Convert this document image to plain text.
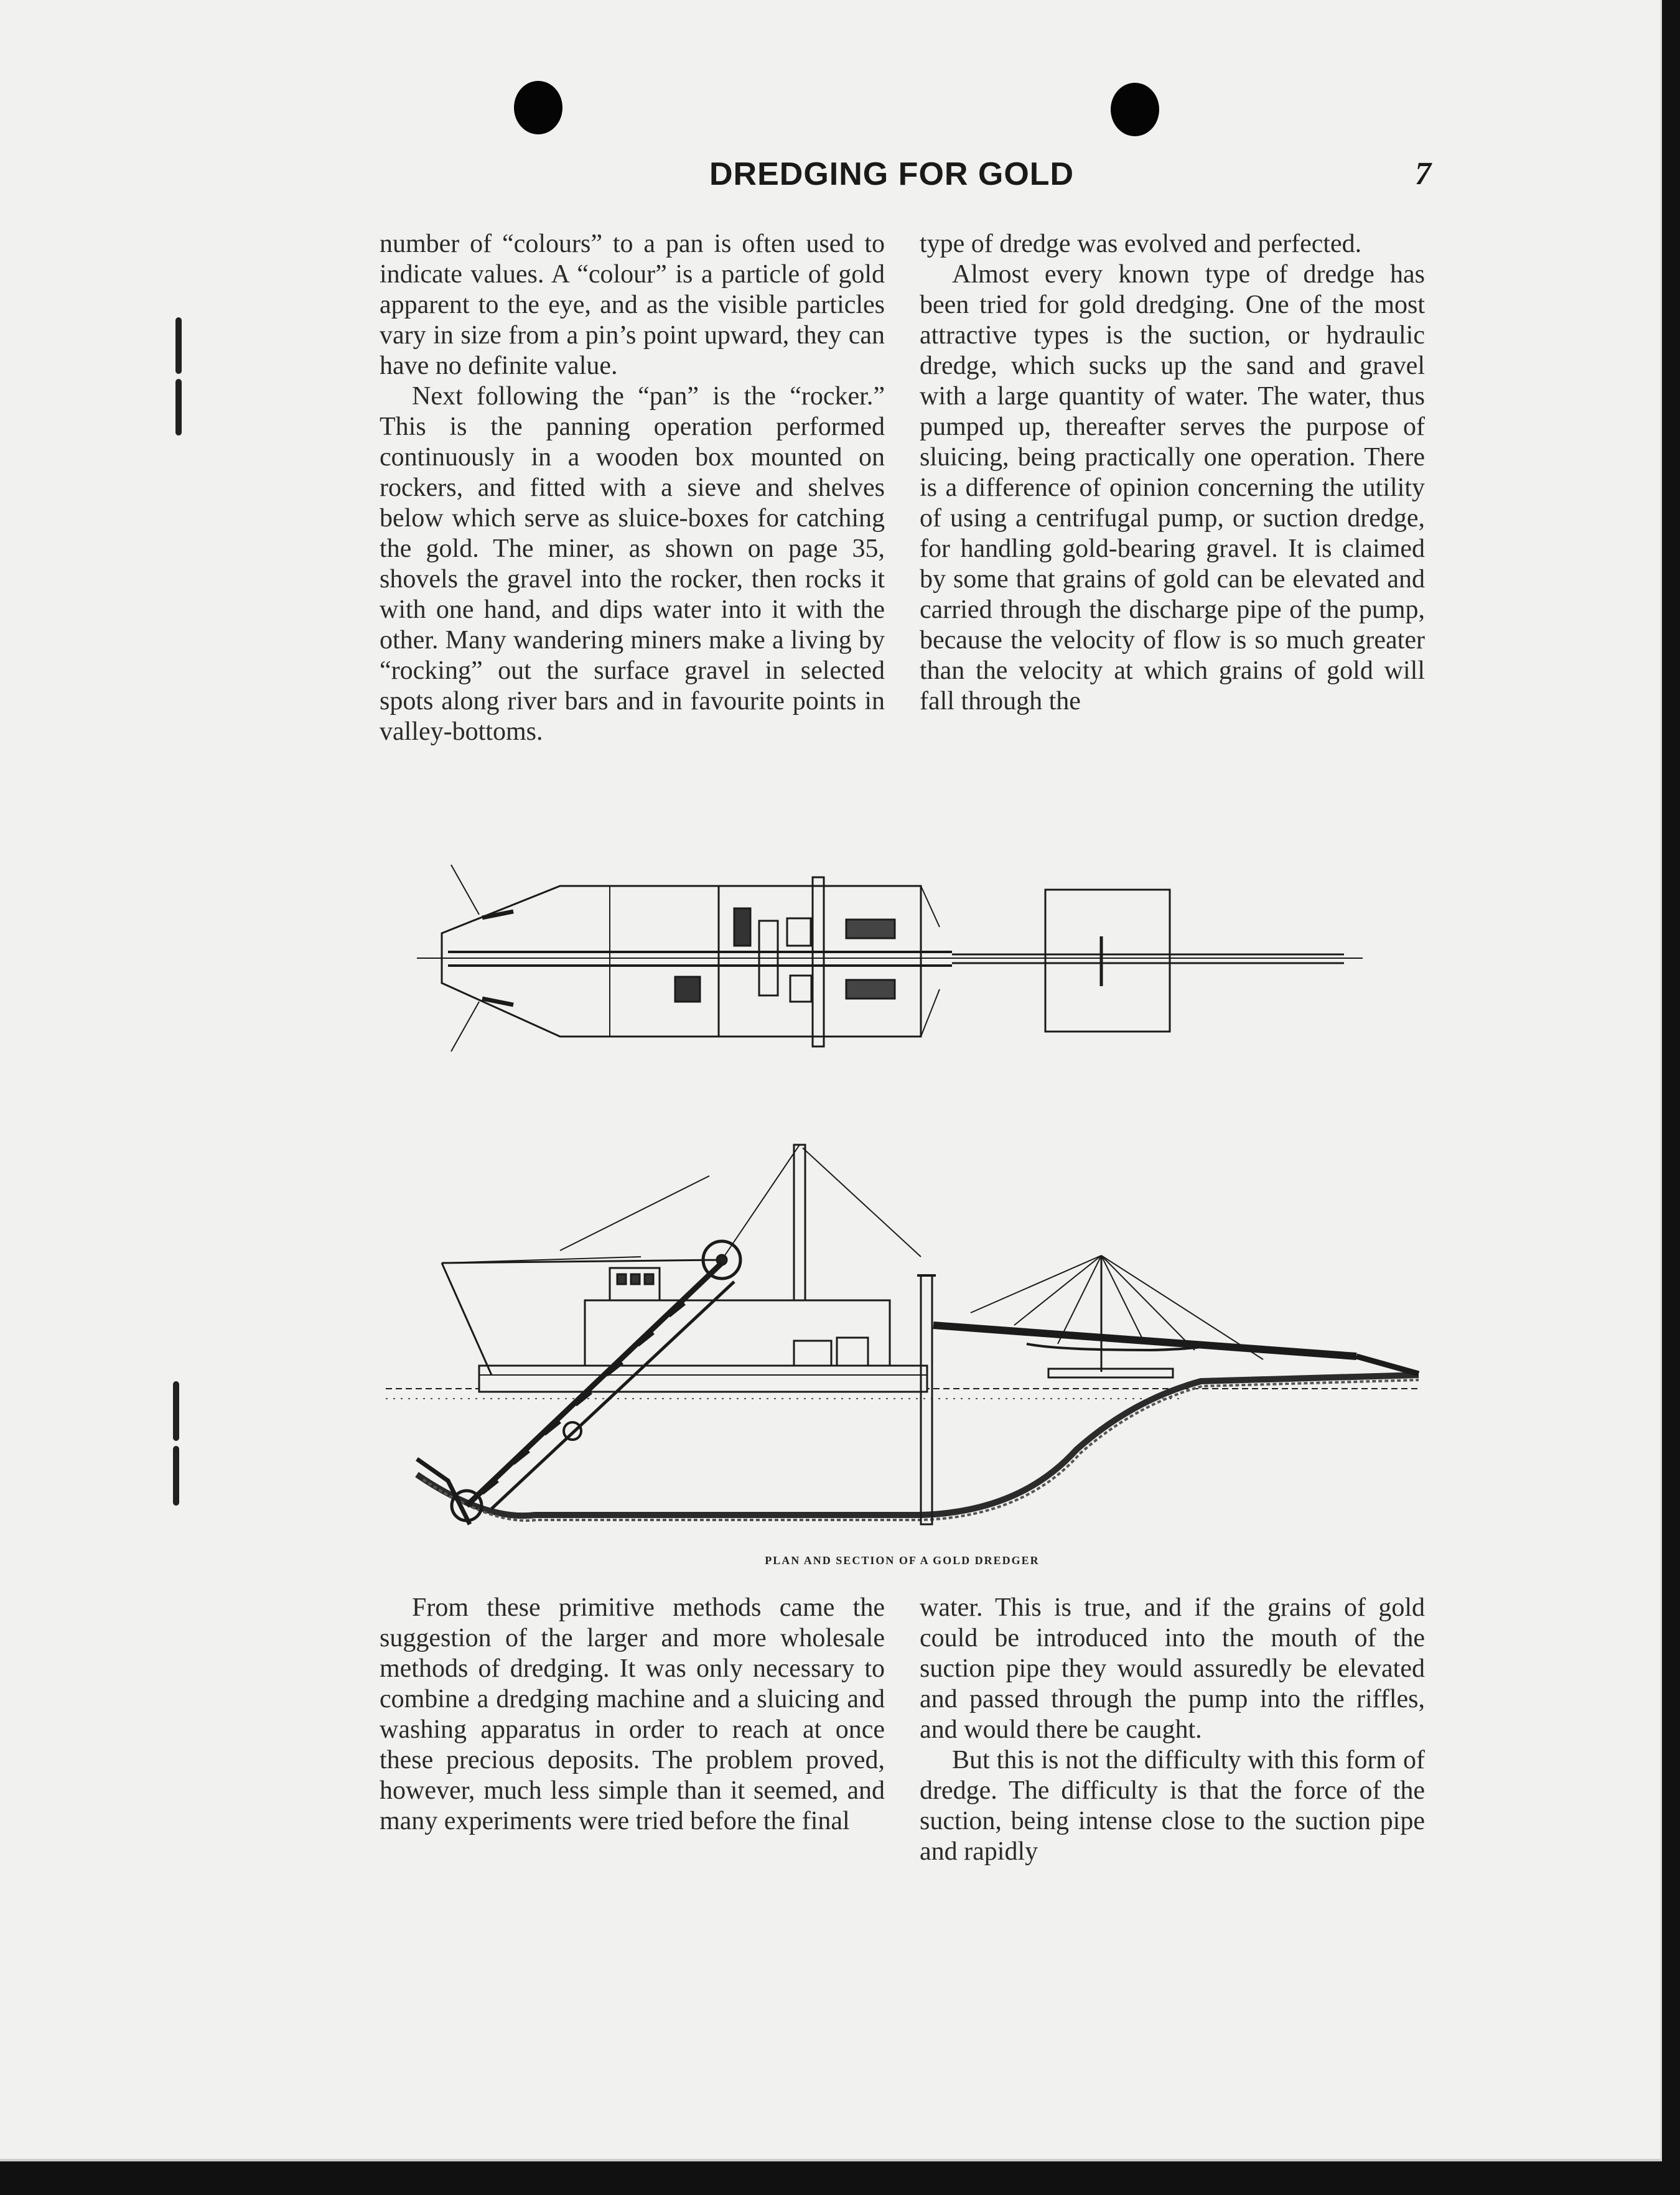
DREDGING FOR GOLD	7

number of “colours” to a pan is often used to indicate values. A “colour” is a particle of gold apparent to the eye, and as the visible particles vary in size from a pin’s point upward, they can have no definite value.

Next following the “pan” is the “rocker.” This is the panning operation performed continuously in a wooden box mounted on rockers, and fitted with a sieve and shelves below which serve as sluice-boxes for catching the gold. The miner, as shown on page 35, shovels the gravel into the rocker, then rocks it with one hand, and dips water into it with the other. Many wandering miners make a living by “rocking” out the surface gravel in selected spots along river bars and in favourite points in valley-bottoms.

type of dredge was evolved and perfected.

Almost every known type of dredge has been tried for gold dredging. One of the most attractive types is the suction, or hydraulic dredge, which sucks up the sand and gravel with a large quantity of water. The water, thus pumped up, thereafter serves the purpose of sluicing, being practically one operation. There is a difference of opinion concerning the utility of using a centrifugal pump, or suction dredge, for handling gold-bearing gravel. It is claimed by some that grains of gold can be elevated and carried through the discharge pipe of the pump, because the velocity of flow is so much greater than the velocity at which grains of gold will fall through the

PLAN AND SECTION OF A GOLD DREDGER

From these primitive methods came the suggestion of the larger and more wholesale methods of dredging. It was only necessary to combine a dredging machine and a sluicing and washing apparatus in order to reach at once these precious deposits. The problem proved, however, much less simple than it seemed, and many experiments were tried before the final

water. This is true, and if the grains of gold could be introduced into the mouth of the suction pipe they would assuredly be elevated and passed through the pump into the riffles, and would there be caught.

But this is not the difficulty with this form of dredge. The difficulty is that the force of the suction, being intense close to the suction pipe and rapidly
